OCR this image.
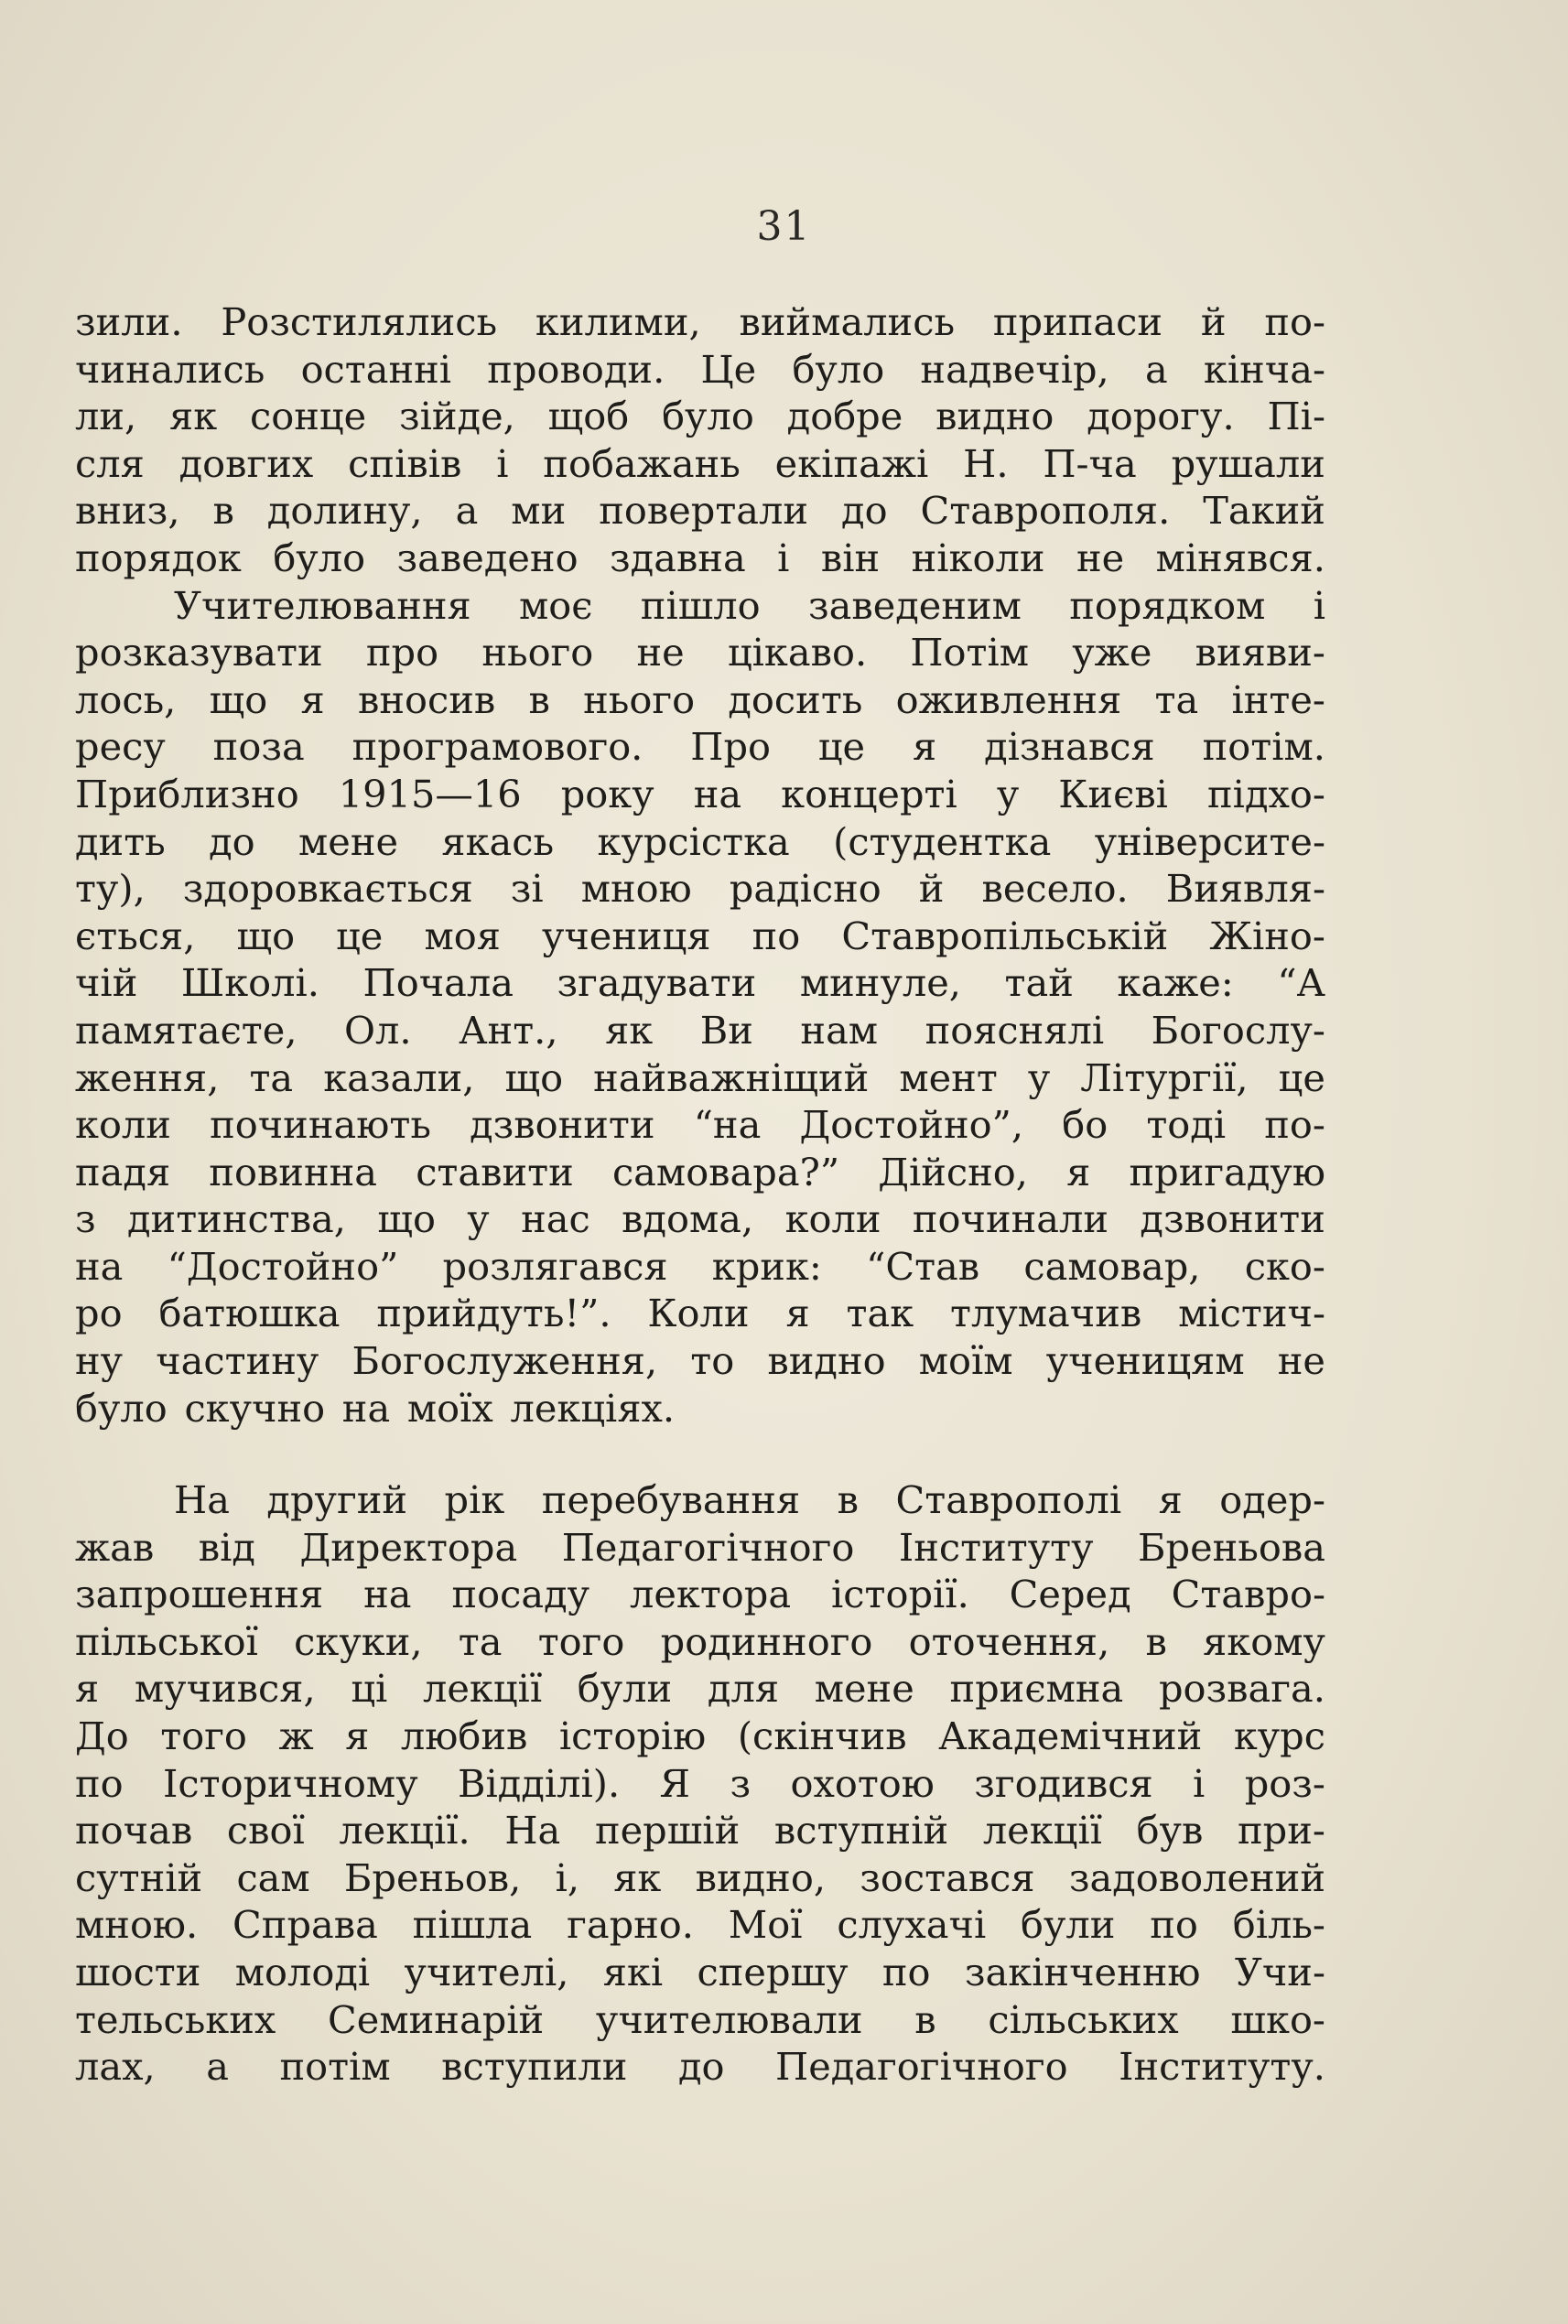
31
зили. Розстилялись килими, виймались припаси й по-
чинались останні проводи. Це було надвечір, а кінча-
ли, як сонце зійде, щоб було добре видно дорогу. Пі-
сля довгих співів і побажань екіпажі Н. П-ча рушали
вниз, в долину, а ми повертали до Ставрополя. Такий
порядок було заведено здавна і він ніколи не мінявся.
Учителювання моє пішло заведеним порядком і
розказувати про нього не цікаво. Потім уже вияви-
лось, що я вносив в нього досить оживлення та інте-
ресу поза програмового. Про це я дізнався потім.
Приблизно 1915—16 року на концерті у Києві підхо-
дить до мене якась курсістка (студентка університе-
ту), здоровкається зі мною радісно й весело. Виявля-
ється, що це моя учениця по Ставропільській Жіно-
чій Школі. Почала згадувати минуле, тай каже: “А
памятаєте, Ол. Ант., як Ви нам пояснялі Богослу-
ження, та казали, що найважніщий мент у Літургії, це
коли починають дзвонити “на Достойно”, бо тоді по-
падя повинна ставити самовара?” Дійсно, я пригадую
з дитинства, що у нас вдома, коли починали дзвонити
на “Достойно” розлягався крик: “Став самовар, ско-
ро батюшка прийдуть!”. Коли я так тлумачив містич-
ну частину Богослуження, то видно моїм ученицям не
було скучно на моїх лекціях.
На другий рік перебування в Ставрополі я одер-
жав від Директора Педагогічного Інституту Бреньова
запрошення на посаду лектора історії. Серед Ставро-
пільської скуки, та того родинного оточення, в якому
я мучився, ці лекції були для мене приємна розвага.
До того ж я любив історію (скінчив Академічний курс
по Історичному Відділі). Я з охотою згодився і роз-
почав свої лекції. На першій вступній лекції був при-
сутній сам Бреньов, і, як видно, зостався задоволений
мною. Справа пішла гарно. Мої слухачі були по біль-
шости молоді учителі, які спершу по закінченню Учи-
тельських Семинарій учителювали в сільських шко-
лах, а потім вступили до Педагогічного Інституту.
